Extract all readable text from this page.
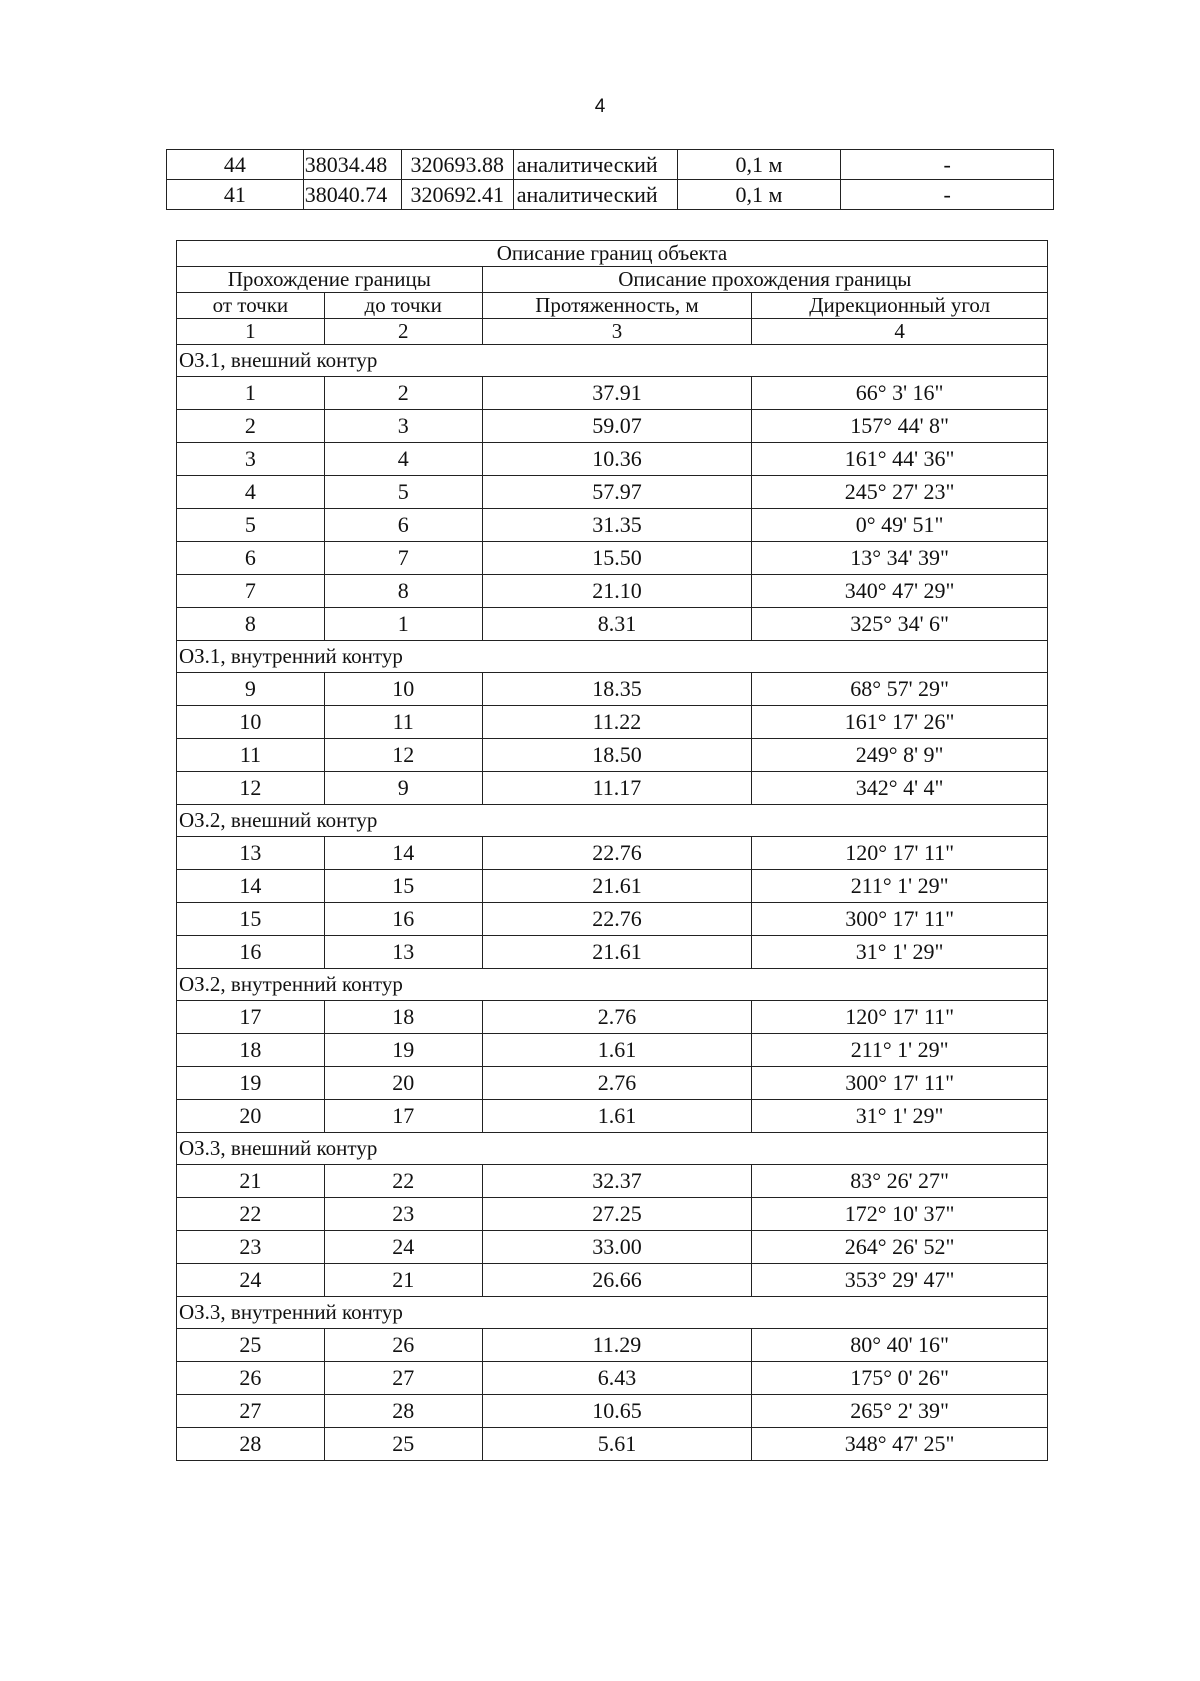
4
44	38034.48	320693.88	аналитический	0,1 м	-
41	38040.74	320692.41	аналитический	0,1 м	-
Описание границ объекта			
Прохождение границы		Описание прохождения границы	
от точки	до точки	Протяженность, м	Дирекционный угол
1	2	3	4
ОЗ.1, внешний контур			
1	2	37.91	66° 3' 16"
2	3	59.07	157° 44' 8"
3	4	10.36	161° 44' 36"
4	5	57.97	245° 27' 23"
5	6	31.35	0° 49' 51"
6	7	15.50	13° 34' 39"
7	8	21.10	340° 47' 29"
8	1	8.31	325° 34' 6"
ОЗ.1, внутренний контур			
9	10	18.35	68° 57' 29"
10	11	11.22	161° 17' 26"
11	12	18.50	249° 8' 9"
12	9	11.17	342° 4' 4"
ОЗ.2, внешний контур			
13	14	22.76	120° 17' 11"
14	15	21.61	211° 1' 29"
15	16	22.76	300° 17' 11"
16	13	21.61	31° 1' 29"
ОЗ.2, внутренний контур			
17	18	2.76	120° 17' 11"
18	19	1.61	211° 1' 29"
19	20	2.76	300° 17' 11"
20	17	1.61	31° 1' 29"
ОЗ.3, внешний контур			
21	22	32.37	83° 26' 27"
22	23	27.25	172° 10' 37"
23	24	33.00	264° 26' 52"
24	21	26.66	353° 29' 47"
ОЗ.3, внутренний контур			
25	26	11.29	80° 40' 16"
26	27	6.43	175° 0' 26"
27	28	10.65	265° 2' 39"
28	25	5.61	348° 47' 25"
